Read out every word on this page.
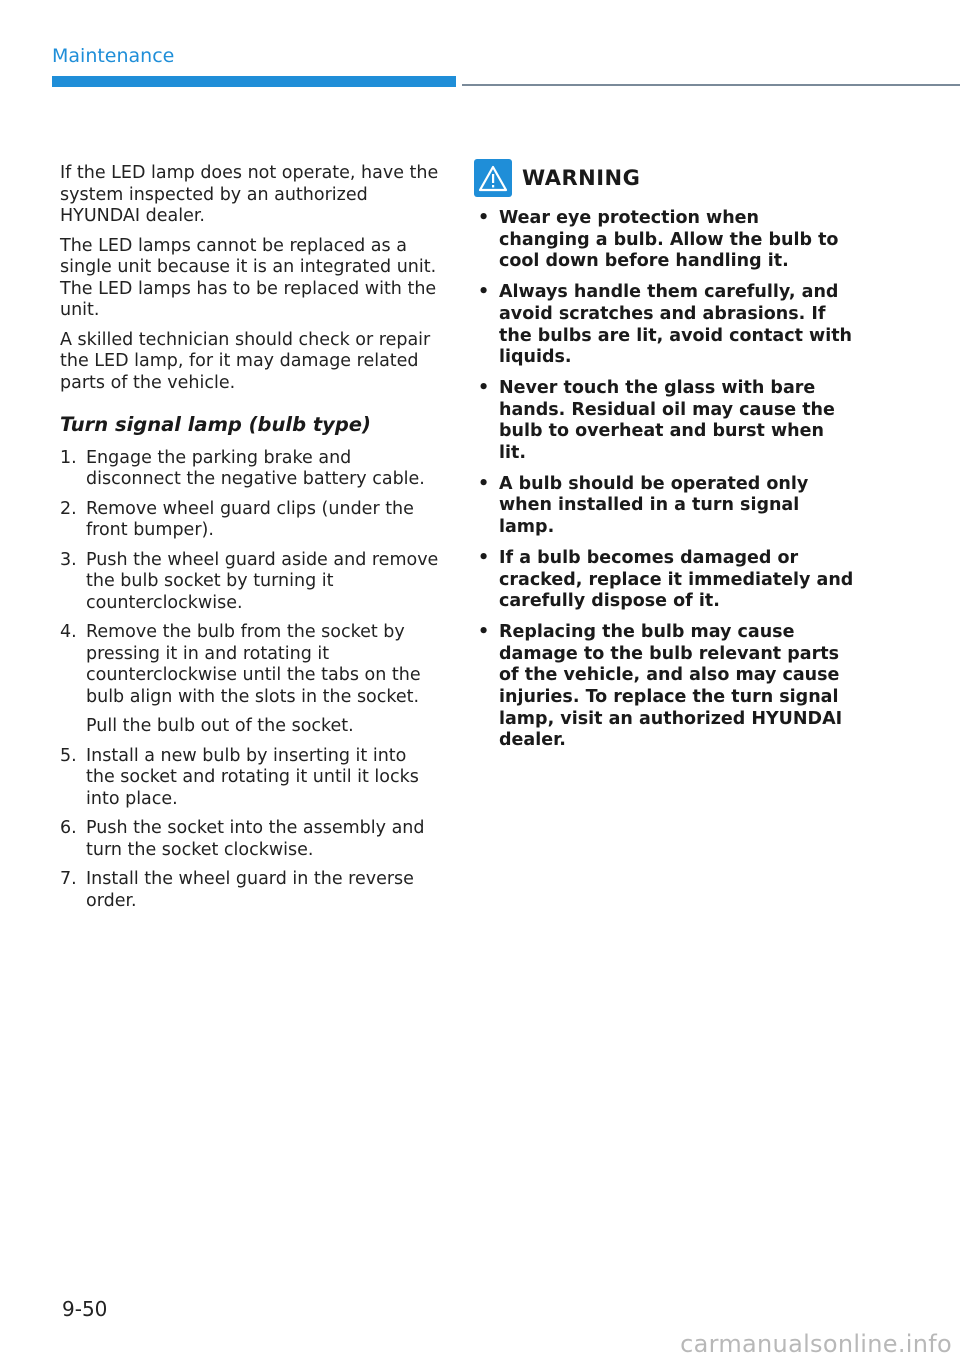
Maintenance

If the LED lamp does not operate, have the system inspected by an authorized HYUNDAI dealer.

The LED lamps cannot be replaced as a single unit because it is an integrated unit. The LED lamps has to be replaced with the unit.

A skilled technician should check or repair the LED lamp, for it may damage related parts of the vehicle.

Turn signal lamp (bulb type)
1. Engage the parking brake and disconnect the negative battery cable.
2. Remove wheel guard clips (under the front bumper).
3. Push the wheel guard aside and remove the bulb socket by turning it counterclockwise.
4. Remove the bulb from the socket by pressing it in and rotating it counterclockwise until the tabs on the bulb align with the slots in the socket.
Pull the bulb out of the socket.
5. Install a new bulb by inserting it into the socket and rotating it until it locks into place.
6. Push the socket into the assembly and turn the socket clockwise.
7. Install the wheel guard in the reverse order.
WARNING
• Wear eye protection when changing a bulb. Allow the bulb to cool down before handling it.
• Always handle them carefully, and avoid scratches and abrasions. If the bulbs are lit, avoid contact with liquids.
• Never touch the glass with bare hands. Residual oil may cause the bulb to overheat and burst when lit.
• A bulb should be operated only when installed in a turn signal lamp.
• If a bulb becomes damaged or cracked, replace it immediately and carefully dispose of it.
• Replacing the bulb may cause damage to the bulb relevant parts of the vehicle, and also may cause injuries. To replace the turn signal lamp, visit an authorized HYUNDAI dealer.
9-50
carmanualsonline.info
